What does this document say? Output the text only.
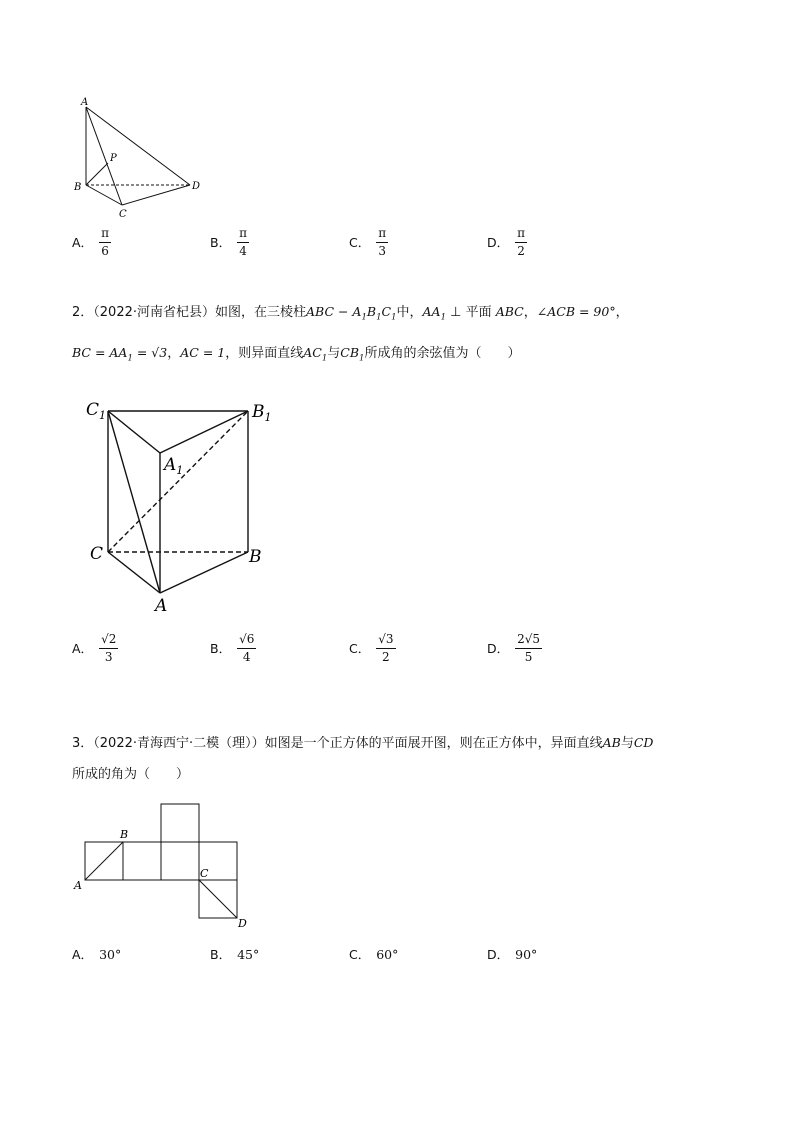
A
P
B
C
D
A． $\frac{\pi}{6}$	B． $\frac{\pi}{4}$	C． $\frac{\pi}{3}$	D． $\frac{\pi}{2}$
2．（2022·河南省杞县）如图，在三棱柱ABC − $A_1B_1C_1$中，$AA_1$ ⊥ 平面 ABC，∠ACB = 90°，
BC = $AA_1 = √3$，AC = 1，则异面直线$AC_1$与$CB_1$所成角的余弦值为（　　）
$C_1$	$B_1$
$A_1$
C	B
A
A． $\frac{√2}{3}$	B． $\frac{√6}{4}$	C． $\frac{√3}{2}$	D． $\frac{2√5}{5}$
3．（2022·青海西宁·二模（理））如图是一个正方体的平面展开图，则在正方体中，异面直线AB与CD
所成的角为（　　）
A
B
C
D
A． 30°	B． 45°	C． 60°	D． 90°
